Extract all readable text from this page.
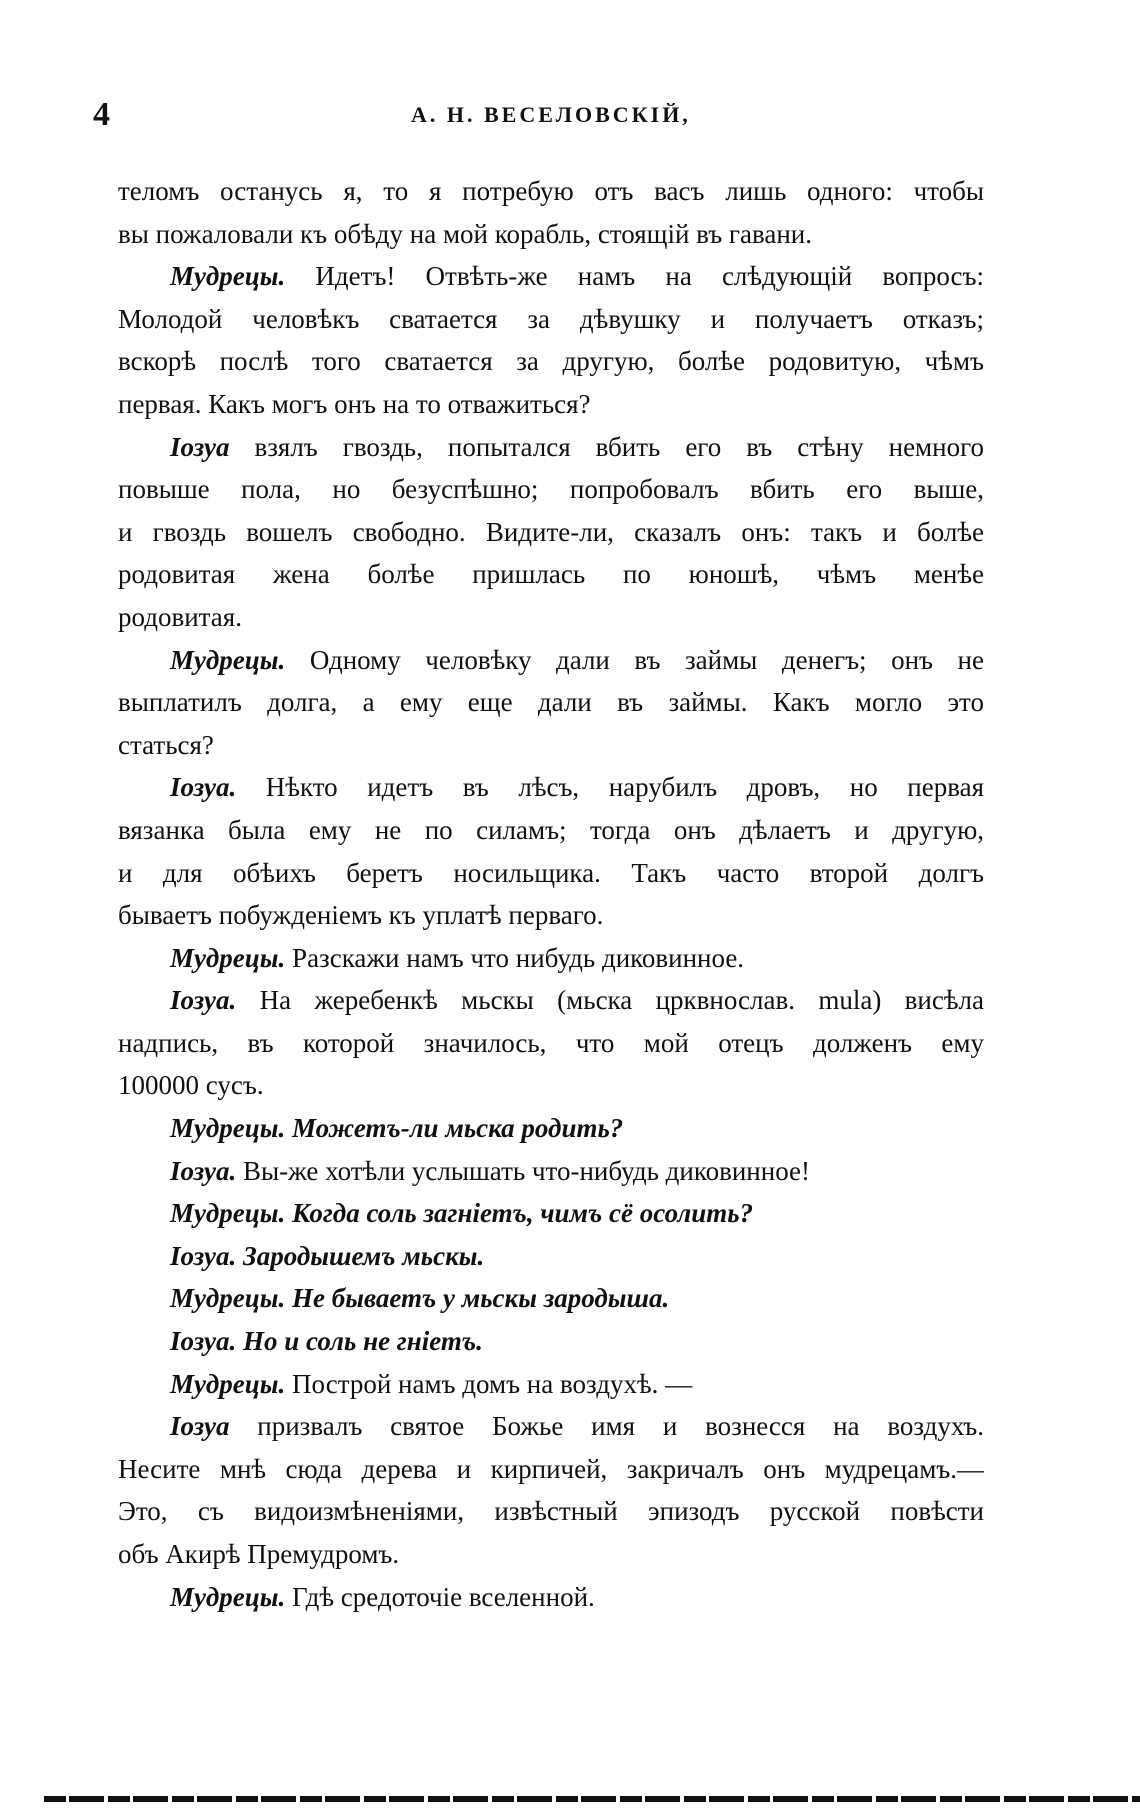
4	А. Н. ВЕСЕЛОВСКІЙ,
теломъ останусь я, то я потребую отъ васъ лишь одного: чтобы
вы пожаловали къ обѣду на мой корабль, стоящій въ гавани.
Мудрецы. Идетъ! Отвѣть-же намъ на слѣдующій вопросъ:
Молодой человѣкъ сватается за дѣвушку и получаетъ отказъ;
вскорѣ послѣ того сватается за другую, болѣе родовитую, чѣмъ
первая. Какъ могъ онъ на то отважиться?
Іозуа взялъ гвоздь, попытался вбить его въ стѣну немного
повыше пола, но безуспѣшно; попробовалъ вбить его выше,
и гвоздь вошелъ свободно. Видите-ли, сказалъ онъ: такъ и болѣе
родовитая жена болѣе пришлась по юношѣ, чѣмъ менѣе
родовитая.
Мудрецы. Одному человѣку дали въ займы денегъ; онъ не
выплатилъ долга, а ему еще дали въ займы. Какъ могло это
статься?
Іозуа. Нѣкто идетъ въ лѣсъ, нарубилъ дровъ, но первая
вязанка была ему не по силамъ; тогда онъ дѣлаетъ и другую,
и для обѣихъ беретъ носильщика. Такъ часто второй долгъ
бываетъ побужденіемъ къ уплатѣ перваго.
Мудрецы. Разскажи намъ что нибудь диковинное.
Іозуа. На жеребенкѣ мьскы (мьска црквнослав. mula) висѣла
надпись, въ которой значилось, что мой отецъ долженъ ему
100000 сусъ.
Мудрецы. Можетъ-ли мьска родить?
Іозуа. Вы-же хотѣли услышать что-нибудь диковинное!
Мудрецы. Когда соль загніетъ, чимъ сё осолить?
Іозуа. Зародышемъ мьскы.
Мудрецы. Не бываетъ у мьскы зародыша.
Іозуа. Но и соль не гніетъ.
Мудрецы. Построй намъ домъ на воздухѣ. —
Іозуа призвалъ святое Божье имя и вознесся на воздухъ.
Несите мнѣ сюда дерева и кирпичей, закричалъ онъ мудрецамъ.—
Это, съ видоизмѣненіями, извѣстный эпизодъ русской повѣсти
объ Акирѣ Премудромъ.
Мудрецы. Гдѣ средоточіе вселенной.
